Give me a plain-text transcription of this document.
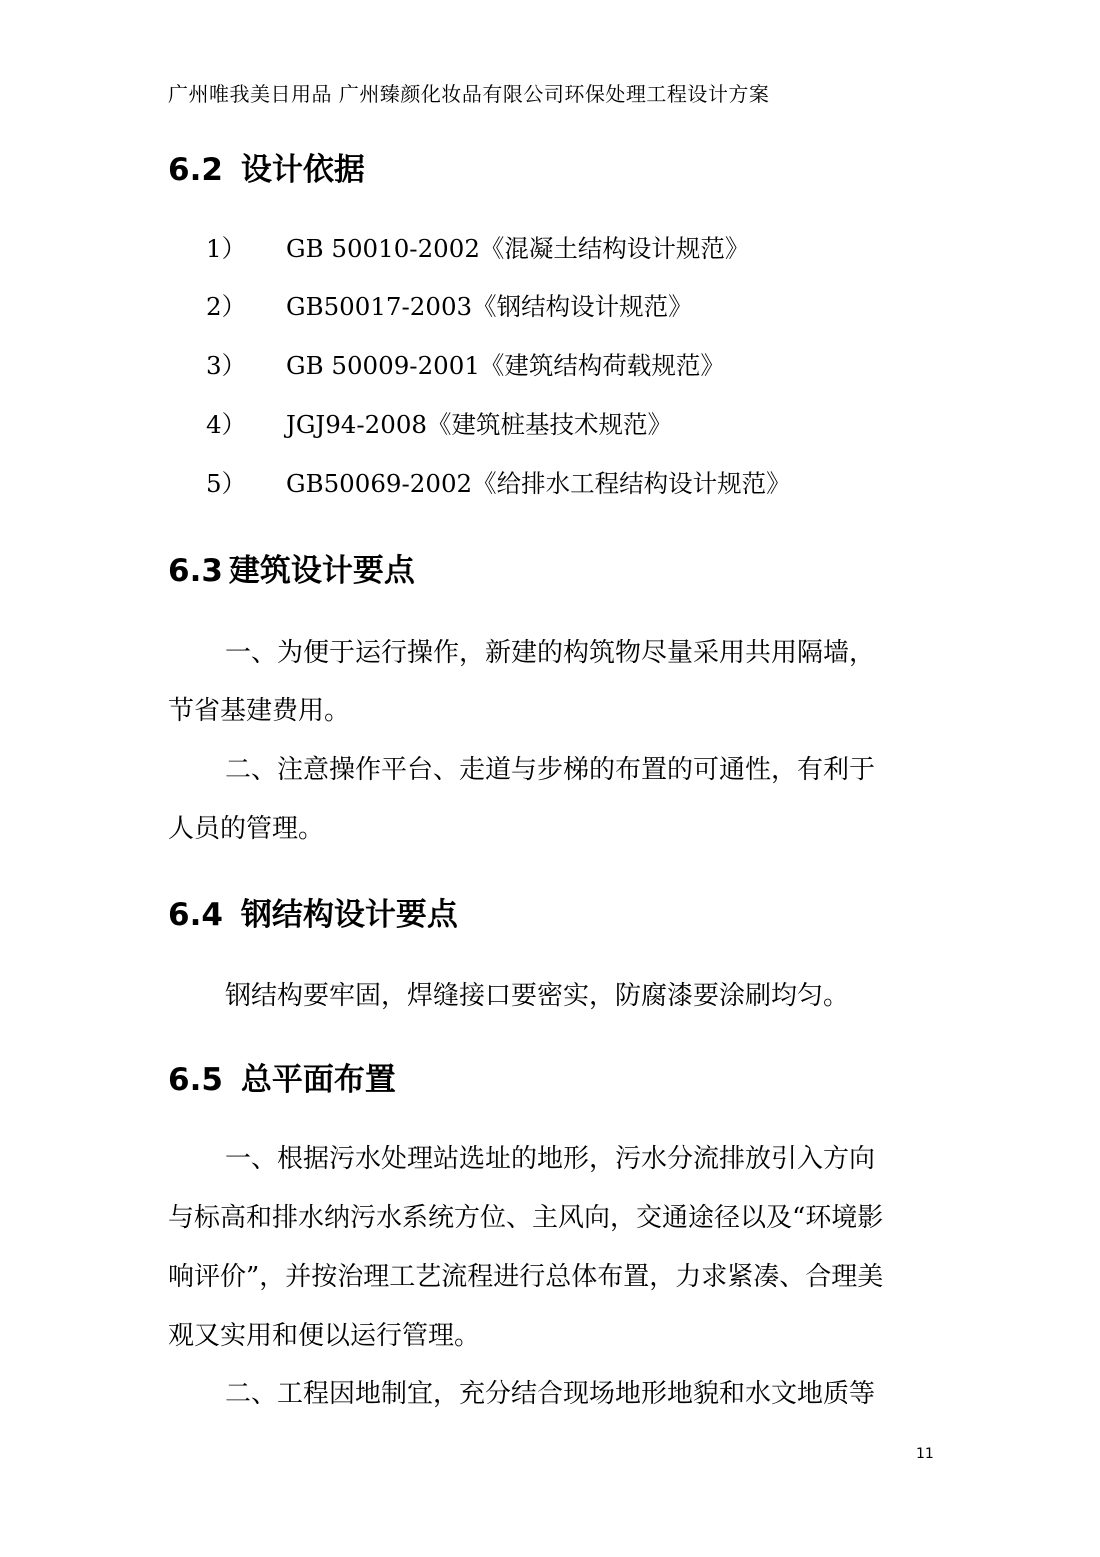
广州唯我美日用品 广州臻颜化妆品有限公司环保处理工程设计方案
6.2 设计依据
1） GB 50010-2002《混凝土结构设计规范》
2） GB50017-2003《钢结构设计规范》
3） GB 50009-2001《建筑结构荷载规范》
4） JGJ94-2008《建筑桩基技术规范》
5） GB50069-2002《给排水工程结构设计规范》
6.3 建筑设计要点
一、为便于运行操作，新建的构筑物尽量采用共用隔墙，
节省基建费用。
二、注意操作平台、走道与步梯的布置的可通性，有利于
人员的管理。
6.4 钢结构设计要点
钢结构要牢固，焊缝接口要密实，防腐漆要涂刷均匀。
6.5 总平面布置
一、根据污水处理站选址的地形，污水分流排放引入方向
与标高和排水纳污水系统方位、主风向，交通途径以及“环境影
响评价”，并按治理工艺流程进行总体布置，力求紧凑、合理美
观又实用和便以运行管理。
二、工程因地制宜，充分结合现场地形地貌和水文地质等
11
